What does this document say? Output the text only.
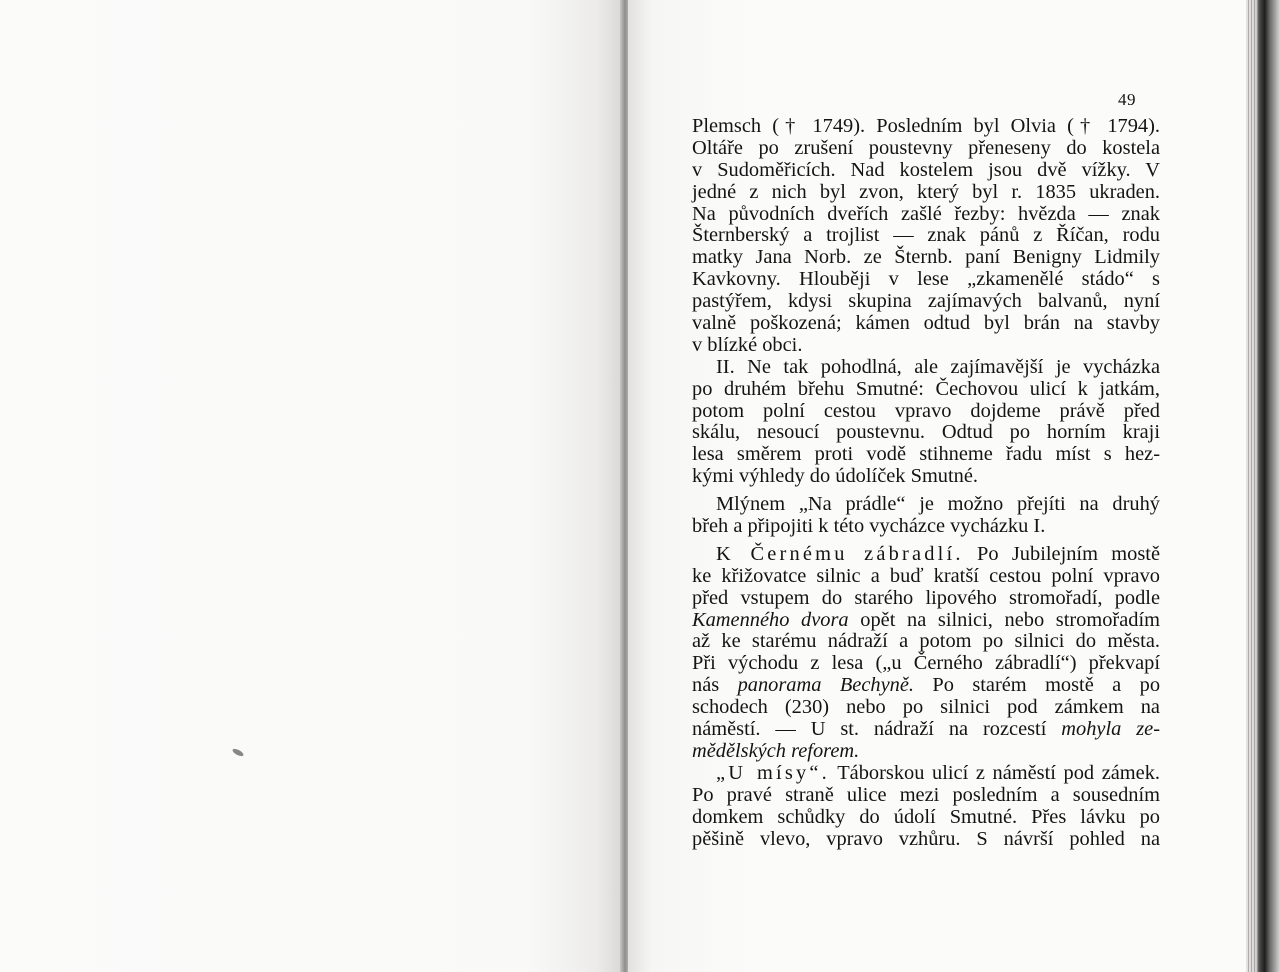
49
Plemsch († 1749). Posledním byl Olvia († 1794).
Oltáře po zrušení poustevny přeneseny do kostela
v Sudoměřicích. Nad kostelem jsou dvě vížky. V
jedné z nich byl zvon, který byl r. 1835 ukraden.
Na původních dveřích zašlé řezby: hvězda — znak
Šternberský a trojlist — znak pánů z Říčan, rodu
matky Jana Norb. ze Šternb. paní Benigny Lidmily
Kavkovny. Hlouběji v lese „zkamenělé stádo“ s
pastýřem, kdysi skupina zajímavých balvanů, nyní
valně poškozená; kámen odtud byl brán na stavby
v blízké obci.
II. Ne tak pohodlná, ale zajímavější je vycházka
po druhém břehu Smutné: Čechovou ulicí k jatkám,
potom polní cestou vpravo dojdeme právě před
skálu, nesoucí poustevnu. Odtud po horním kraji
lesa směrem proti vodě stihneme řadu míst s hez-
kými výhledy do údolíček Smutné.
Mlýnem „Na prádle“ je možno přejíti na druhý
břeh a připojiti k této vycházce vycházku I.
K Černému zábradlí. Po Jubilejním mostě
ke křižovatce silnic a buď kratší cestou polní vpravo
před vstupem do starého lipového stromořadí, podle
Kamenného dvora opět na silnici, nebo stromořadím
až ke starému nádraží a potom po silnici do města.
Při východu z lesa („u Černého zábradlí“) překvapí
nás panorama Bechyně. Po starém mostě a po
schodech (230) nebo po silnici pod zámkem na
náměstí. — U st. nádraží na rozcestí mohyla ze-
mědělských reforem.
„U mísy“. Táborskou ulicí z náměstí pod zámek.
Po pravé straně ulice mezi posledním a sousedním
domkem schůdky do údolí Smutné. Přes lávku po
pěšině vlevo, vpravo vzhůru. S návrší pohled na
